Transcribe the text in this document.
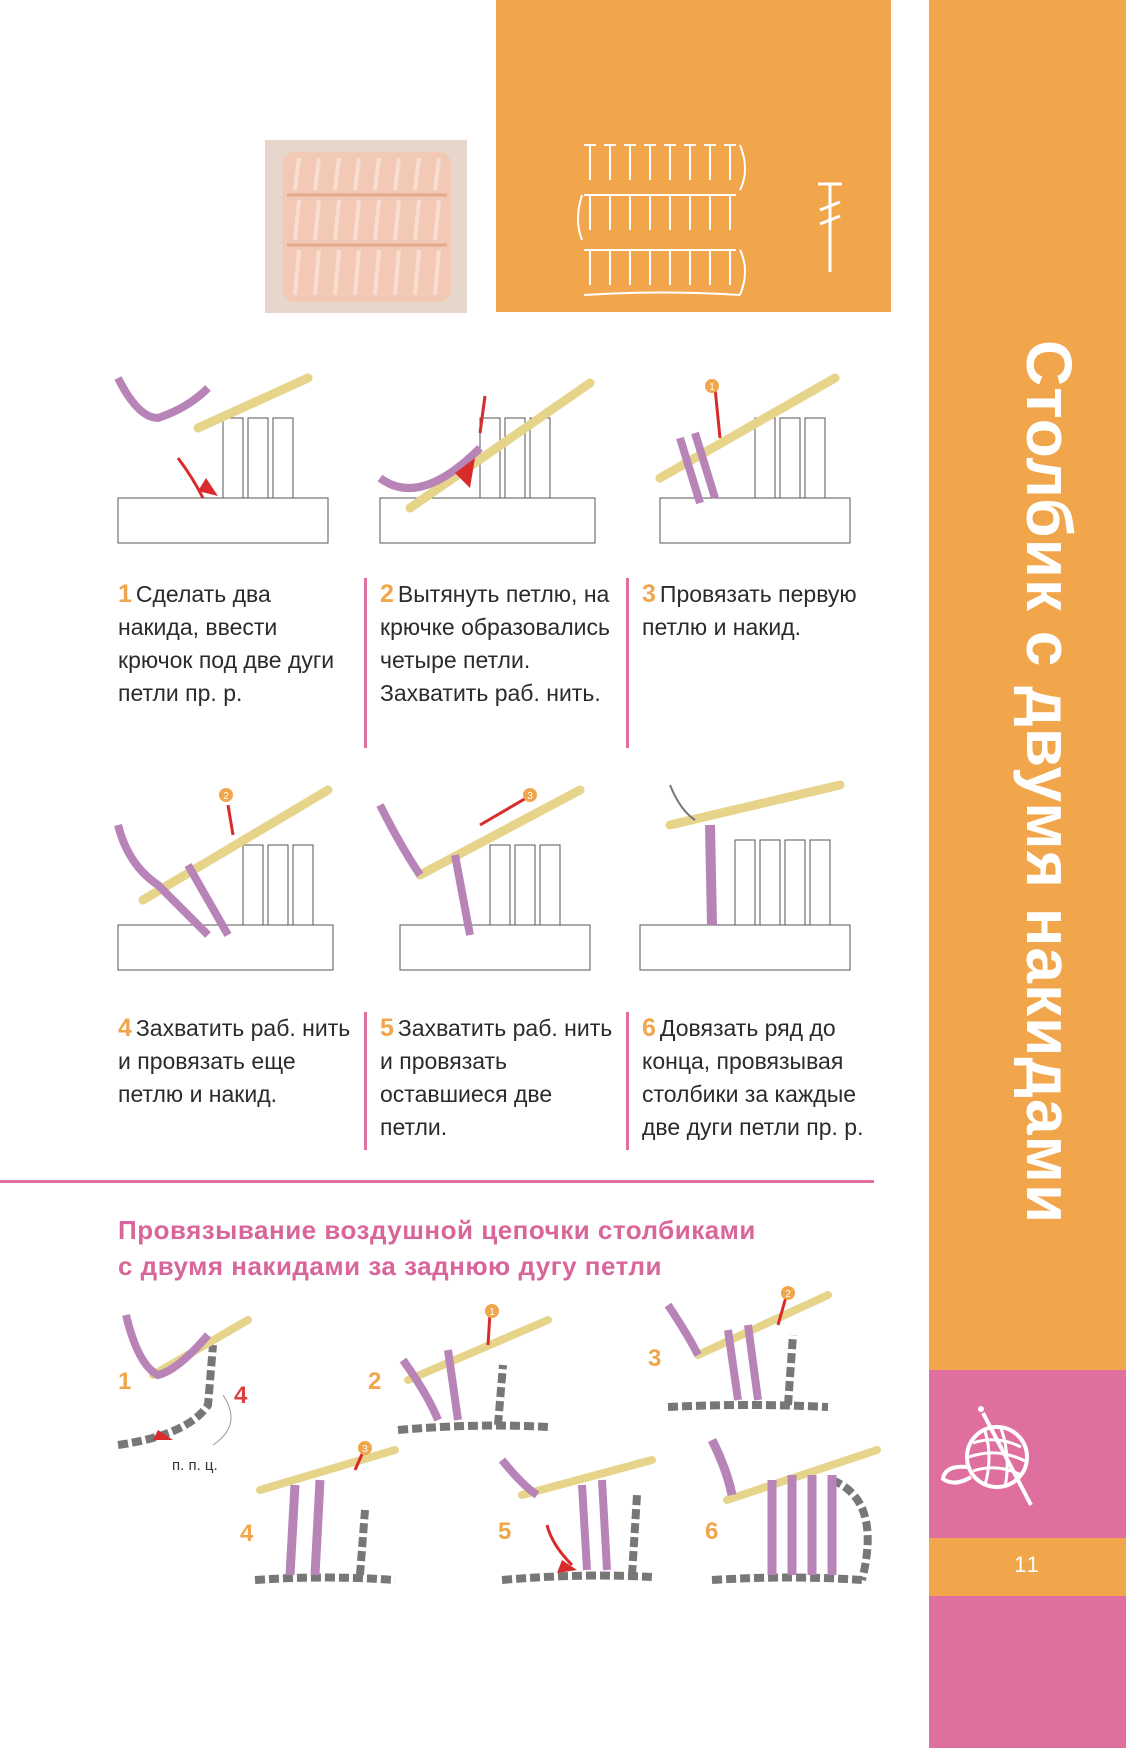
Столбик с двумя накидами
11
1
1 Сделать два накида, ввести крючок под две дуги петли пр. р.
2 Вытянуть петлю, на крючке образовались четыре петли. Захватить раб. нить.
3 Провязать первую петлю и накид.
2	3
4 Захватить раб. нить и провязать еще петлю и накид.
5 Захватить раб. нить и провязать оставшиеся две петли.
6 Довязать ряд до конца, провязывая столбики за каждые две дуги петли пр. р.
Провязывание воздушной цепочки столбиками
с двумя накидами за заднюю дугу петли
1
4
п. п. ц.
2
1
3
2
4
3
5	6
